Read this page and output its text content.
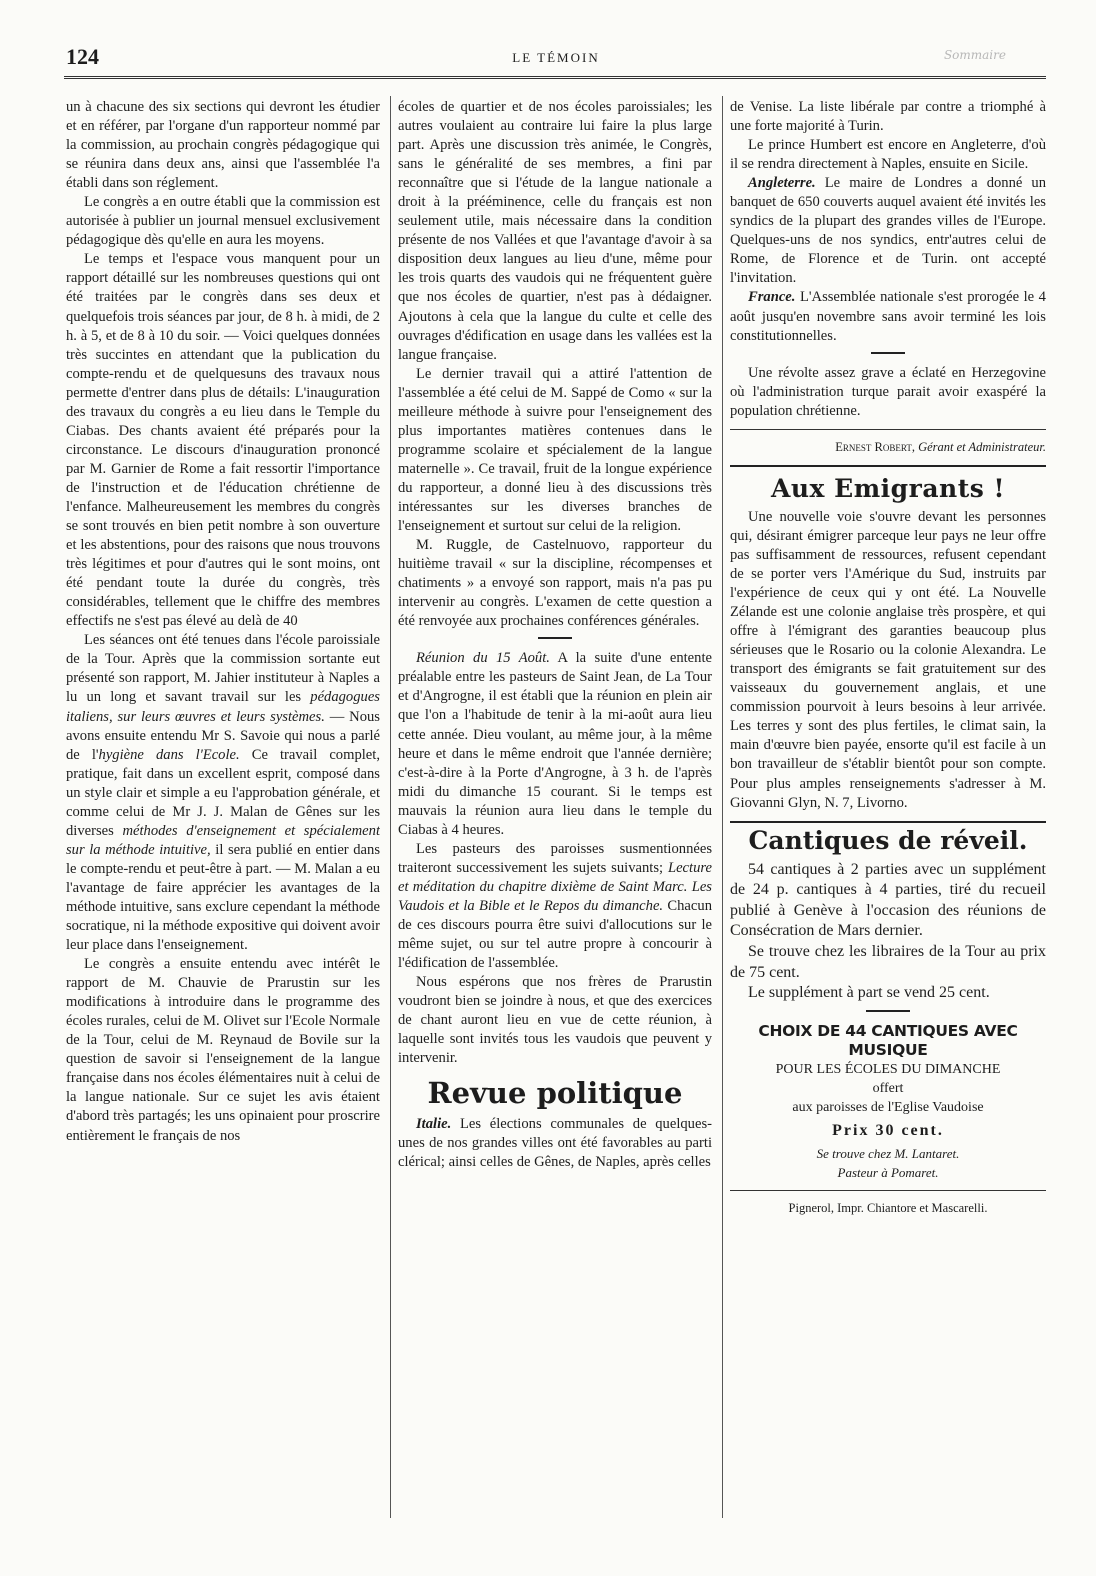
124	LE TÉMOIN	Sommaire

un à chacune des six sections qui devront les étudier et en référer, par l'organe d'un rapporteur nommé par la commission, au prochain congrès pédagogique qui se réunira dans deux ans, ainsi que l'assemblée l'a établi dans son réglement.

Le congrès a en outre établi que la commission est autorisée à publier un journal mensuel exclusivement pédagogique dès qu'elle en aura les moyens.

Le temps et l'espace vous manquent pour un rapport détaillé sur les nombreuses questions qui ont été traitées par le congrès dans ses deux et quelquefois trois séances par jour, de 8 h. à midi, de 2 h. à 5, et de 8 à 10 du soir. — Voici quelques données très succintes en attendant que la publication du compte-rendu et de quelquesuns des travaux nous permette d'entrer dans plus de détails: L'inauguration des travaux du congrès a eu lieu dans le Temple du Ciabas. Des chants avaient été préparés pour la circonstance. Le discours d'inauguration prononcé par M. Garnier de Rome a fait ressortir l'importance de l'instruction et de l'éducation chrétienne de l'enfance. Malheureusement les membres du congrès se sont trouvés en bien petit nombre à son ouverture et les abstentions, pour des raisons que nous trouvons très légitimes et pour d'autres qui le sont moins, ont été pendant toute la durée du congrès, très considérables, tellement que le chiffre des membres effectifs ne s'est pas élevé au delà de 40

Les séances ont été tenues dans l'école paroissiale de la Tour. Après que la commission sortante eut présenté son rapport, M. Jahier instituteur à Naples a lu un long et savant travail sur les pédagogues italiens, sur leurs œuvres et leurs systèmes. — Nous avons ensuite entendu Mr S. Savoie qui nous a parlé de l'hygiène dans l'Ecole. Ce travail complet, pratique, fait dans un excellent esprit, composé dans un style clair et simple a eu l'approbation générale, et comme celui de Mr J. J. Malan de Gênes sur les diverses méthodes d'enseignement et spécialement sur la méthode intuitive, il sera publié en entier dans le compte-rendu et peut-être à part. — M. Malan a eu l'avantage de faire apprécier les avantages de la méthode intuitive, sans exclure cependant la méthode socratique, ni la méthode expositive qui doivent avoir leur place dans l'enseignement.

Le congrès a ensuite entendu avec intérêt le rapport de M. Chauvie de Prarustin sur les modifications à introduire dans le programme des écoles rurales, celui de M. Olivet sur l'Ecole Normale de la Tour, celui de M. Reynaud de Bovile sur la question de savoir si l'enseignement de la langue française dans nos écoles élémentaires nuit à celui de la langue nationale. Sur ce sujet les avis étaient d'abord très partagés; les uns opinaient pour proscrire entièrement le français de nos

écoles de quartier et de nos écoles paroissiales; les autres voulaient au contraire lui faire la plus large part. Après une discussion très animée, le Congrès, sans le généralité de ses membres, a fini par reconnaître que si l'étude de la langue nationale a droit à la prééminence, celle du français est non seulement utile, mais nécessaire dans la condition présente de nos Vallées et que l'avantage d'avoir à sa disposition deux langues au lieu d'une, même pour les trois quarts des vaudois qui ne fréquentent guère que nos écoles de quartier, n'est pas à dédaigner. Ajoutons à cela que la langue du culte et celle des ouvrages d'édification en usage dans les vallées est la langue française.

Le dernier travail qui a attiré l'attention de l'assemblée a été celui de M. Sappé de Como « sur la meilleure méthode à suivre pour l'enseignement des plus importantes matières contenues dans le programme scolaire et spécialement de la langue maternelle ». Ce travail, fruit de la longue expérience du rapporteur, a donné lieu à des discussions très intéressantes sur les diverses branches de l'enseignement et surtout sur celui de la religion.

M. Ruggle, de Castelnuovo, rapporteur du huitième travail « sur la discipline, récompenses et chatiments » a envoyé son rapport, mais n'a pas pu intervenir au congrès. L'examen de cette question a été renvoyée aux prochaines conférences générales.

Réunion du 15 Août. A la suite d'une entente préalable entre les pasteurs de Saint Jean, de La Tour et d'Angrogne, il est établi que la réunion en plein air que l'on a l'habitude de tenir à la mi-août aura lieu cette année. Dieu voulant, au même jour, à la même heure et dans le même endroit que l'année dernière; c'est-à-dire à la Porte d'Angrogne, à 3 h. de l'après midi du dimanche 15 courant. Si le temps est mauvais la réunion aura lieu dans le temple du Ciabas à 4 heures.

Les pasteurs des paroisses susmentionnées traiteront successivement les sujets suivants; Lecture et méditation du chapitre dixième de Saint Marc. Les Vaudois et la Bible et le Repos du dimanche. Chacun de ces discours pourra être suivi d'allocutions sur le même sujet, ou sur tel autre propre à concourir à l'édification de l'assemblée.

Nous espérons que nos frères de Prarustin voudront bien se joindre à nous, et que des exercices de chant auront lieu en vue de cette réunion, à laquelle sont invités tous les vaudois que peuvent y intervenir.

Revue politique

Italie. Les élections communales de quelques-unes de nos grandes villes ont été favorables au parti clérical; ainsi celles de Gênes, de Naples, après celles

de Venise. La liste libérale par contre a triomphé à une forte majorité à Turin.

Le prince Humbert est encore en Angleterre, d'où il se rendra directement à Naples, ensuite en Sicile.

Angleterre. Le maire de Londres a donné un banquet de 650 couverts auquel avaient été invités les syndics de la plupart des grandes villes de l'Europe. Quelques-uns de nos syndics, entr'autres celui de Rome, de Florence et de Turin. ont accepté l'invitation.

France. L'Assemblée nationale s'est prorogée le 4 août jusqu'en novembre sans avoir terminé les lois constitutionnelles.

Une révolte assez grave a éclaté en Herzegovine où l'administration turque parait avoir exaspéré la population chrétienne.

Ernest Robert, Gérant et Administrateur.
Aux Emigrants !

Une nouvelle voie s'ouvre devant les personnes qui, désirant émigrer parceque leur pays ne leur offre pas suffisamment de ressources, refusent cependant de se porter vers l'Amérique du Sud, instruits par l'expérience de ceux qui y ont été. La Nouvelle Zélande est une colonie anglaise très prospère, et qui offre à l'émigrant des garanties beaucoup plus sérieuses que le Rosario ou la colonie Alexandra. Le transport des émigrants se fait gratuitement sur des vaisseaux du gouvernement anglais, et une commission pourvoit à leurs besoins à leur arrivée. Les terres y sont des plus fertiles, le climat sain, la main d'œuvre bien payée, ensorte qu'il est facile à un bon travailleur de s'établir bientôt pour son compte. Pour plus amples renseignements s'adresser à M. Giovanni Glyn, N. 7, Livorno.

Cantiques de réveil.

54 cantiques à 2 parties avec un supplément de 24 p. cantiques à 4 parties, tiré du recueil publié à Genève à l'occasion des réunions de Consécration de Mars dernier.

Se trouve chez les libraires de la Tour au prix de 75 cent.

Le supplément à part se vend 25 cent.

CHOIX DE 44 CANTIQUES AVEC MUSIQUE
POUR LES ÉCOLES DU DIMANCHE
offert
aux paroisses de l'Eglise Vaudoise
Prix 30 cent.
Se trouve chez M. Lantaret.
Pasteur à Pomaret.
Pignerol, Impr. Chiantore et Mascarelli.
